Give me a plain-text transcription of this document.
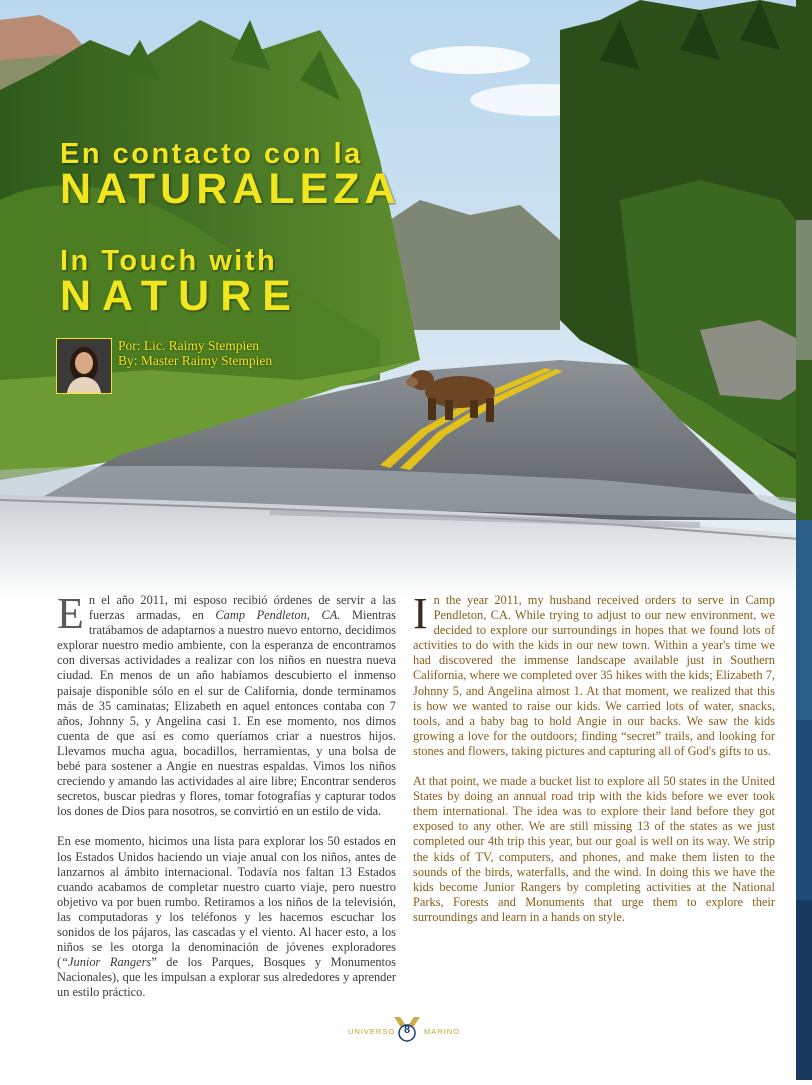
En contacto con la
NATURALEZA
In Touch with
NATURE
Por: Lic. Raimy Stempien
By: Master Raimy Stempien

En el año 2011, mi esposo recibió órdenes de servir a las fuerzas armadas, en Camp Pendleton, CA. Mientras tratábamos de adaptarnos a nuestro nuevo entorno, decidimos explorar nuestro medio ambiente, con la esperanza de encontramos con diversas actividades a realizar con los niños en nuestra nueva ciudad. En menos de un año habíamos descubierto el inmenso paisaje disponible sólo en el sur de California, donde terminamos más de 35 caminatas; Elizabeth en aquel entonces contaba con 7 años, Johnny 5, y Angelina casi 1. En ese momento, nos dimos cuenta de que así es como queríamos criar a nuestros hijos. Llevamos mucha agua, bocadillos, herramientas, y una bolsa de bebé para sostener a Angie en nuestras espaldas. Vimos los niños creciendo y amando las actividades al aire libre; Encontrar senderos secretos, buscar piedras y flores, tomar fotografías y capturar todos los dones de Dios para nosotros, se convirtió en un estilo de vida.

En ese momento, hicimos una lista para explorar los 50 estados en los Estados Unidos haciendo un viaje anual con los niños, antes de lanzarnos al ámbito internacional. Todavía nos faltan 13 Estados cuando acabamos de completar nuestro cuarto viaje, pero nuestro objetivo va por buen rumbo. Retiramos a los niños de la televisión, las computadoras y los teléfonos y les hacemos escuchar los sonidos de los pájaros, las cascadas y el viento. Al hacer esto, a los niños se les otorga la denominación de jóvenes exploradores (“Junior Rangers” de los Parques, Bosques y Monumentos Nacionales), que les impulsan a explorar sus alrededores y aprender un estilo práctico.

In the year 2011, my husband received orders to serve in Camp Pendleton, CA. While trying to adjust to our new environment, we decided to explore our surroundings in hopes that we found lots of activities to do with the kids in our new town. Within a year's time we had discovered the immense landscape available just in Southern California, where we completed over 35 hikes with the kids; Elizabeth 7, Johnny 5, and Angelina almost 1. At that moment, we realized that this is how we wanted to raise our kids. We carried lots of water, snacks, tools, and a baby bag to hold Angie in our backs. We saw the kids growing a love for the outdoors; finding “secret” trails, and looking for stones and flowers, taking pictures and capturing all of God's gifts to us.

At that point, we made a bucket list to explore all 50 states in the United States by doing an annual road trip with the kids before we ever took them international. The idea was to explore their land before they got exposed to any other. We are still missing 13 of the states as we just completed our 4th trip this year, but our goal is well on its way. We strip the kids of TV, computers, and phones, and make them listen to the sounds of the birds, waterfalls, and the wind. In doing this we have the kids become Junior Rangers by completing activities at the National Parks, Forests and Monuments that urge them to explore their surroundings and learn in a hands on style.

UNIVERSO 8	MARINO
